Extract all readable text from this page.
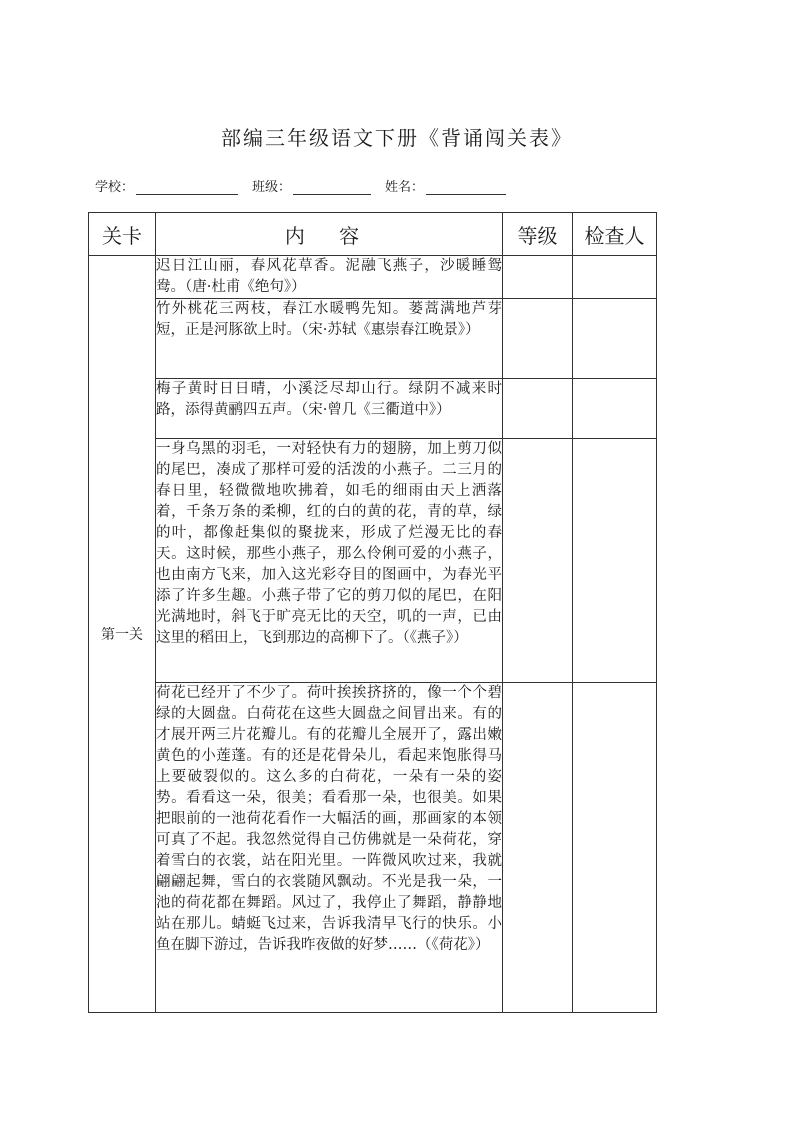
部编三年级语文下册《背诵闯关表》
学校：	班级：	姓名：
关卡	内 容	等级	检查人
第一关	迟日江山丽，春风花草香。泥融飞燕子，沙暖睡鸳鸯。（唐·杜甫《绝句》）		
	竹外桃花三两枝，春江水暖鸭先知。蒌蒿满地芦芽短，正是河豚欲上时。（宋·苏轼《惠崇春江晚景》）		
	梅子黄时日日晴，小溪泛尽却山行。绿阴不减来时路，添得黄鹂四五声。（宋·曾几《三衢道中》）		
	一身乌黑的羽毛，一对轻快有力的翅膀，加上剪刀似的尾巴，凑成了那样可爱的活泼的小燕子。二三月的春日里，轻微微地吹拂着，如毛的细雨由天上洒落着，千条万条的柔柳，红的白的黄的花，青的草，绿的叶，都像赶集似的聚拢来，形成了烂漫无比的春天。这时候，那些小燕子，那么伶俐可爱的小燕子，也由南方飞来，加入这光彩夺目的图画中，为春光平添了许多生趣。小燕子带了它的剪刀似的尾巴，在阳光满地时，斜飞于旷亮无比的天空，叽的一声，已由这里的稻田上，飞到那边的高柳下了。（《燕子》）		
	荷花已经开了不少了。荷叶挨挨挤挤的，像一个个碧绿的大圆盘。白荷花在这些大圆盘之间冒出来。有的才展开两三片花瓣儿。有的花瓣儿全展开了，露出嫩黄色的小莲蓬。有的还是花骨朵儿，看起来饱胀得马上要破裂似的。这么多的白荷花，一朵有一朵的姿势。看看这一朵，很美；看看那一朵，也很美。如果把眼前的一池荷花看作一大幅活的画，那画家的本领可真了不起。我忽然觉得自己仿佛就是一朵荷花，穿着雪白的衣裳，站在阳光里。一阵微风吹过来，我就翩翩起舞，雪白的衣裳随风飘动。不光是我一朵，一池的荷花都在舞蹈。风过了，我停止了舞蹈，静静地站在那儿。蜻蜓飞过来，告诉我清早飞行的快乐。小鱼在脚下游过，告诉我昨夜做的好梦……（《荷花》）		
